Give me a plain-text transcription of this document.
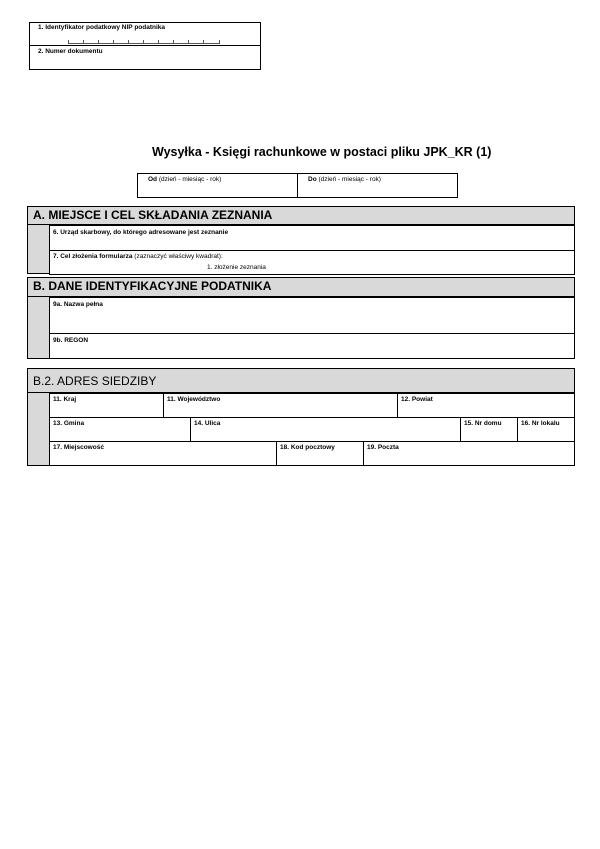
1. Identyfikator podatkowy NIP podatnika
2. Numer dokumentu
Wysyłka - Księgi rachunkowe w postaci pliku JPK_KR (1)
Od (dzień - miesiąc - rok)	Do (dzień - miesiąc - rok)
A. MIEJSCE I CEL SKŁADANIA ZEZNANIA
6. Urząd skarbowy, do którego adresowane jest zeznanie
7. Cel złożenia formularza (zaznaczyć właściwy kwadrat):
1. złożenie zeznania
B. DANE IDENTYFIKACYJNE PODATNIKA
9a. Nazwa pełna
9b. REGON
B.2. ADRES SIEDZIBY
11. Kraj	11. Województwo	12. Powiat
13. Gmina	14. Ulica	15. Nr domu	16. Nr lokalu
17. Miejscowość	18. Kod pocztowy	19. Poczta
